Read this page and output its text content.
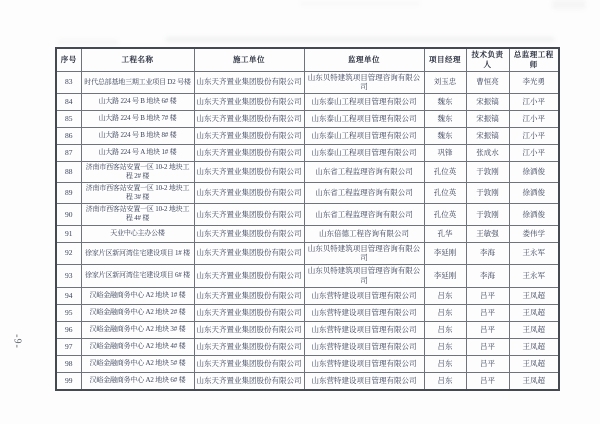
-9-
序号	工程名称	施工单位	监理单位	项目经理	技术负责人	总监理工程师
83	时代总部基地三期工业项目 D2 号楼	山东天齐置业集团股份有限公司	山东贝特建筑项目管理咨询有限公司	刘玉忠	曹恒亮	李光勇
84	山大路 224 号 B 地块 6# 楼	山东天齐置业集团股份有限公司	山东泰山工程项目管理有限公司	魏东	宋振镐	江小平
85	山大路 224 号 B 地块 7# 楼	山东天齐置业集团股份有限公司	山东泰山工程项目管理有限公司	魏东	宋振镐	江小平
86	山大路 224 号 B 地块 8# 楼	山东天齐置业集团股份有限公司	山东泰山工程项目管理有限公司	魏东	宋振镐	江小平
87	山大路 224 号 A 地块 1# 楼	山东天齐置业集团股份有限公司	山东泰山工程项目管理有限公司	巩锋	张成水	江小平
88	济南市西客站安置一区 10-2 地块工程 2# 楼	山东天齐置业集团股份有限公司	山东省工程监理咨询有限公司	孔位英	于敦刚	徐洒俊
89	济南市西客站安置一区 10-2 地块工程 3# 楼	山东天齐置业集团股份有限公司	山东省工程监理咨询有限公司	孔位英	于敦刚	徐洒俊
90	济南市西客站安置一区 10-2 地块工程 4# 楼	山东天齐置业集团股份有限公司	山东省工程监理咨询有限公司	孔位英	于敦刚	徐洒俊
91	天业中心主办公楼	山东天齐置业集团股份有限公司	山东倍德工程咨询有限公司	孔华	王敏强	娄伟学
92	徐家片区新河湾住宅建设项目 1# 楼	山东天齐置业集团股份有限公司	山东贝特建筑项目管理咨询有限公司	李延刚	李海	王永军
93	徐家片区新河湾住宅建设项目 6# 楼	山东天齐置业集团股份有限公司	山东贝特建筑项目管理咨询有限公司	李延刚	李海	王永军
94	汉峪金融商务中心 A2 地块 1# 楼	山东天齐置业集团股份有限公司	山东营特建设项目管理有限公司	吕东	吕平	王凤超
95	汉峪金融商务中心 A2 地块 2# 楼	山东天齐置业集团股份有限公司	山东营特建设项目管理有限公司	吕东	吕平	王凤超
96	汉峪金融商务中心 A2 地块 3# 楼	山东天齐置业集团股份有限公司	山东营特建设项目管理有限公司	吕东	吕平	王凤超
97	汉峪金融商务中心 A2 地块 4# 楼	山东天齐置业集团股份有限公司	山东营特建设项目管理有限公司	吕东	吕平	王凤超
98	汉峪金融商务中心 A2 地块 5# 楼	山东天齐置业集团股份有限公司	山东营特建设项目管理有限公司	吕东	吕平	王凤超
99	汉峪金融商务中心 A2 地块 6# 楼	山东天齐置业集团股份有限公司	山东营特建设项目管理有限公司	吕东	吕平	王凤超
